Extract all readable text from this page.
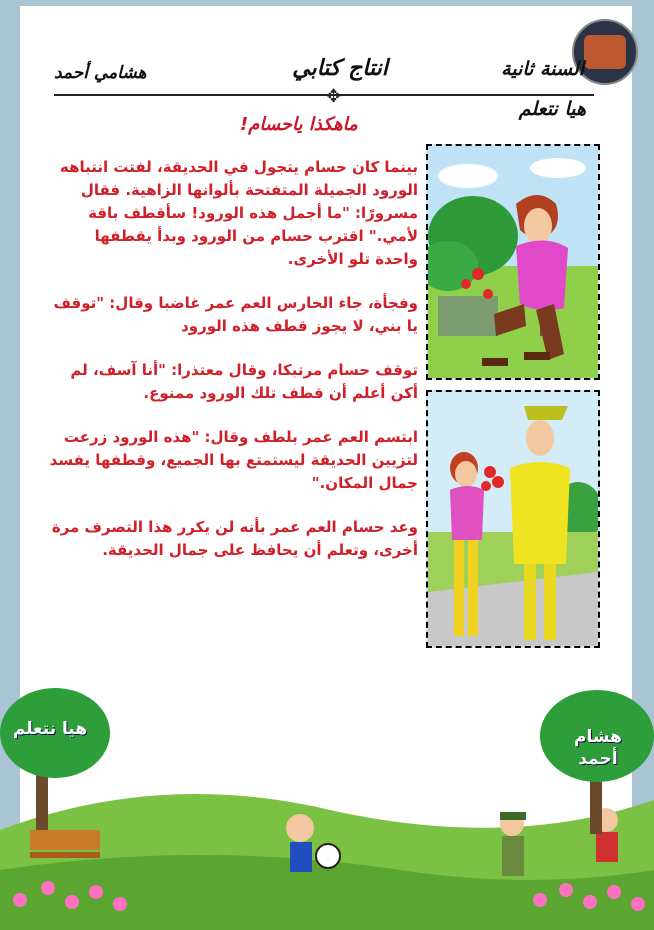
السنة ثانية
انتاج كتابي
هشامي أحمد
✥
هيا نتعلم
ماهكذا ياحسام!

بينما كان حسام يتجول في الحديقة، لفتت انتباهه الورود الجميلة المتفتحة بألوانها الزاهية. فقال مسرورًا: "ما أجمل هذه الورود! سأقطف باقة لأمي." اقترب حسام من الورود وبدأ يقطفها واحدة تلو الأخرى.

وفجأة، جاء الحارس العم عمر غاضبا وقال: "توقف يا بني، لا يجوز قطف هذه الورود

توقف حسام مرتبكا، وقال معتذرا: "أنا آسف، لم أكن أعلم أن قطف تلك الورود ممنوع.

ابتسم العم عمر بلطف وقال: "هذه الورود زرعت لتزيين الحديقة ليستمتع بها الجميع، وقطفها يفسد جمال المكان."

وعد حسام العم عمر بأنه لن يكرر هذا التصرف مرة أخرى، وتعلم أن يحافظ على جمال الحديقة.

هيا نتعلم	هشام أحمد
